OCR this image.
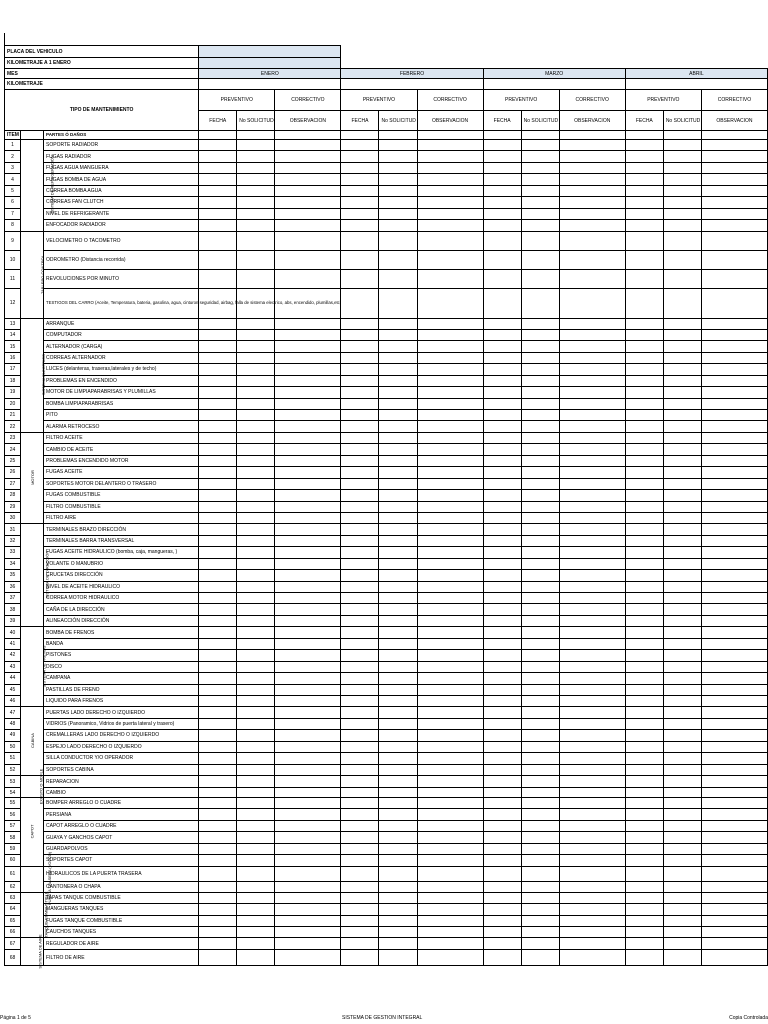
PLACA DEL VEHICULO														
KILOMETRAJE A 1 ENERO														
MES			ENERO			FEBRERO			MARZO			ABRIL		
KILOMETRAJE														
TIPO DE MANTENIMIENTO			PREVENTIVO		CORRECTIVO	PREVENTIVO		CORRECTIVO	PREVENTIVO		CORRECTIVO	PREVENTIVO		CORRECTIVO
			FECHA	No SOLICITUD	OBSERVACION	FECHA	No SOLICITUD	OBSERVACION	FECHA	No SOLICITUD	OBSERVACION	FECHA	No SOLICITUD	OBSERVACION
ITEM		PARTES Ó DAÑOS												
1	SISTEMA DE REFRIGERACIÓN	SOPORTE RADIADOR												
2		FUGAS RADIADOR												
3		FUGAS AGUA MANGUERA												
4		FUGAS BOMBA DE AGUA												
5		CORREA BOMBA AGUA												
6		CORREAS FAN CLUTCH												
7		NIVEL DE REFRIGERANTE												
8		ENFOCADOR RADIADOR												
9	TABLERO CONTROL	VELOCIMETRO O TACOMETRO												
10		ODROMETRO (Distancia recorrida)												
11		REVOLUCIONES POR MINUTO												
12		TESTIGOS DEL CARRO (Aceite, Temperatura, bateria, gasolina, agua, cinturon seguridad, airbag, falla de sistema electrico, abs, encendido, plumillas,etc)												
13	SISTEMA ELECTRICO	ARRANQUE												
14		COMPUTADOR												
15		ALTERNADOR (CARGA)												
16		CORREAS ALTERNADOR												
17		LUCES (delanteras, traseras,laterales y de techo)												
18		PROBLEMAS EN ENCENDIDO												
19		MOTOR DE LIMPIAPARABRISAS Y PLUMILLAS												
20		BOMBA LIMPIAPARABRISAS												
21		PITO												
22		ALARMA RETROCESO												
23	MOTOR	FILTRO ACEITE												
24		CAMBIO DE ACEITE												
25		PROBLEMAS ENCENDIDO MOTOR												
26		FUGAS ACEITE												
27		SOPORTES MOTOR DELANTERO O TRASERO												
28		FUGAS COMBUSTIBLE												
29		FILTRO COMBUSTIBLE												
30		FILTRO AIRE												
31	SISTEMA DE DIRECCIÓN	TERMINALES BRAZO DIRECCIÓN												
32		TERMINALES BARRA TRANSVERSAL												
33		FUGAS ACEITE HIDRAULICO (bomba, caja, mangueras, )												
34		VOLANTE O MANUBRIO												
35		CRUCETAS DIRECCIÓN												
36		NIVEL DE ACEITE HIDRAULICO												
37		CORREA MOTOR HIDRAULICO												
38		CAÑA DE LA DIRECCIÓN												
39		ALINEACCIÓN DIRECCIÓN												
40	SISTEMA DE FRENOS	BOMBA DE FRENOS												
41		BANDA												
42		PISTONES												
43		DISCO												
44		CAMPANA												
45		PASTILLAS DE FRENO												
46		LIQUIDO PARA FRENOS												
47	CABINA	PUERTAS LADO DERECHO O IZQUIERDO												
48		VIDRIOS (Panoramico, Vidrios de puerta lateral y trasero)												
49		CREMALLERAS LADO DERECHO O IZQUIERDO												
50		ESPEJO LADO DERECHO O IZQUIERDO												
51		SILLA CONDUCTOR Y/O OPERADOR												
52		SOPORTES CABINA												
53	EXOSTO O MOFLE	REPARACION												
54		CAMBIO												
55	CAPOT	BOMPER ARREGLO O CUADRE												
56		PERSIANA												
57		CAPOT ARREGLO O CUADRE												
58		GUAYA Y GANCHOS CAPOT												
59		GUARDAPOLVOS												
60		SOPORTES CAPOT												
61	PUERTA TRASERA (VOLCO)	HIDRAULICOS DE LA PUERTA TRASERA												
62		CANTONERA O CHAPA												
63	TANQUE COMBUSTIBLE	TAPAS TANQUE COMBUSTIBLE												
64		MANGUERAS TANQUES												
65		FUGAS TANQUE COMBUSTIBLE												
66		CAUCHOS TANQUES												
67	SISTEMA DE AIRE	REGULADOR DE AIRE												
68		FILTRO DE AIRE												
Página 1 de 5	SISTEMA DE GESTION INTEGRAL	Copia Controlada
